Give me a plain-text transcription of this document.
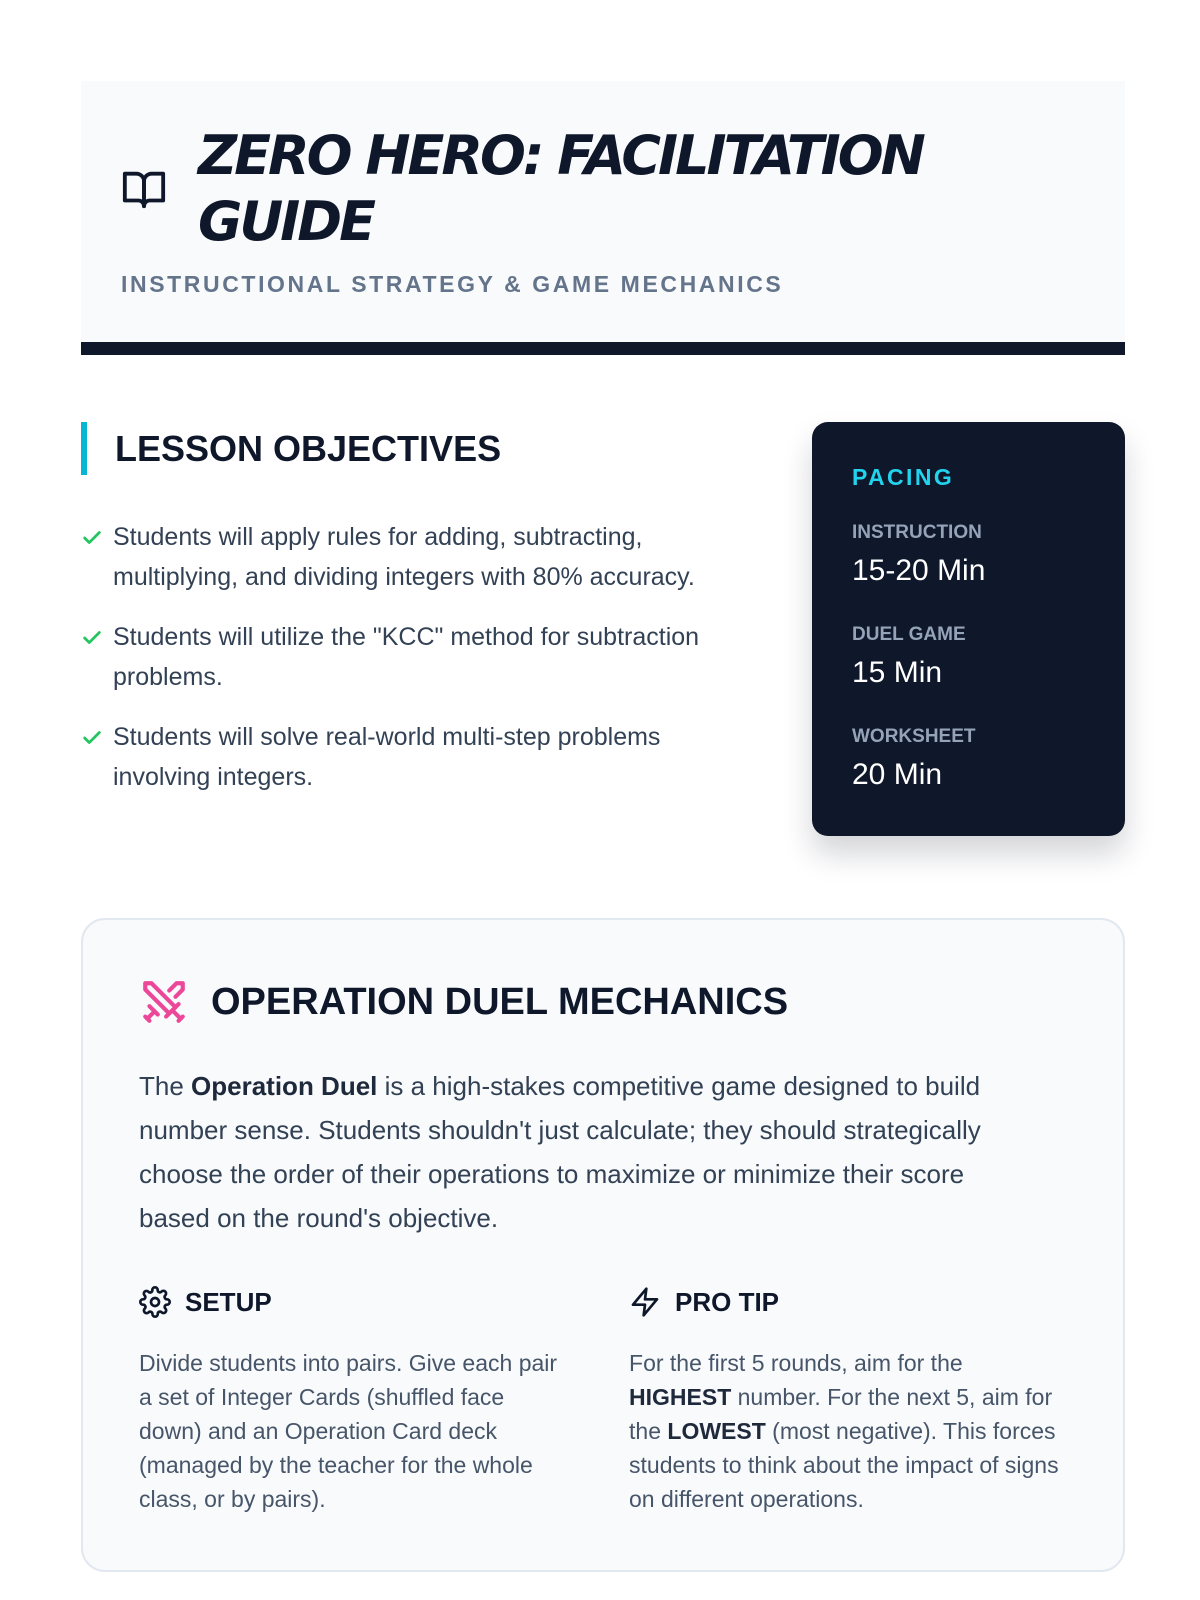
ZERO HERO: FACILITATION GUIDE
INSTRUCTIONAL STRATEGY & GAME MECHANICS
LESSON OBJECTIVES
Students will apply rules for adding, subtracting, multiplying, and dividing integers with 80% accuracy.
Students will utilize the "KCC" method for subtraction problems.
Students will solve real-world multi-step problems involving integers.
PACING
INSTRUCTION
15-20 Min
DUEL GAME
15 Min
WORKSHEET
20 Min
OPERATION DUEL MECHANICS

The Operation Duel is a high-stakes competitive game designed to build number sense. Students shouldn't just calculate; they should strategically choose the order of their operations to maximize or minimize their score based on the round's objective.

SETUP

Divide students into pairs. Give each pair a set of Integer Cards (shuffled face down) and an Operation Card deck (managed by the teacher for the whole class, or by pairs).

PRO TIP

For the first 5 rounds, aim for the HIGHEST number. For the next 5, aim for the LOWEST (most negative). This forces students to think about the impact of signs on different operations.
